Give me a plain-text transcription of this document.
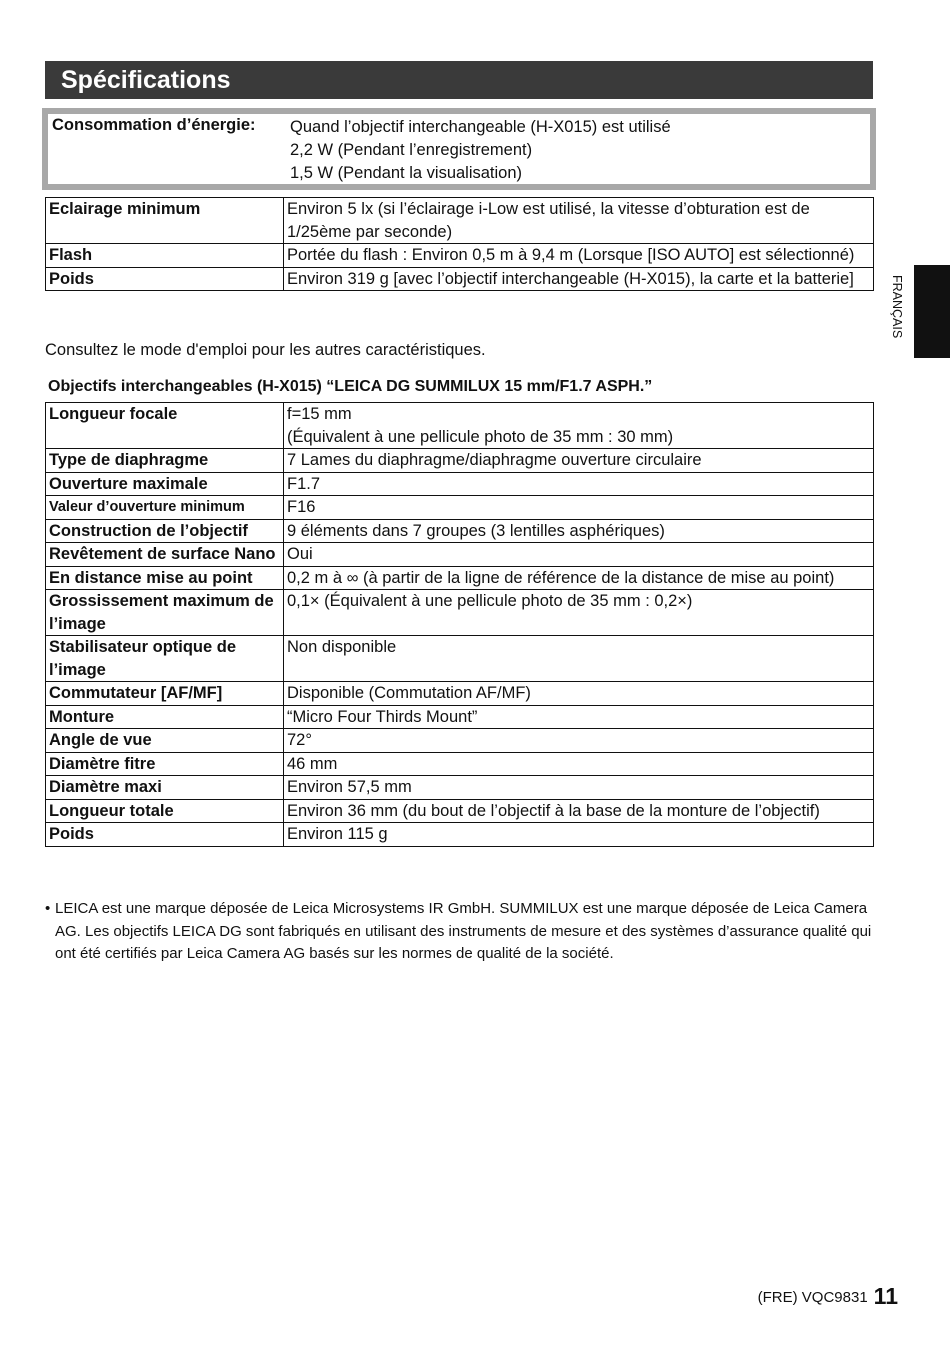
Spécifications
Consommation d’énergie: Quand l’objectif interchangeable (H-X015) est utilisé
2,2 W (Pendant l’enregistrement)
1,5 W (Pendant la visualisation)
Eclairage minimum	Environ 5 lx (si l’éclairage i-Low est utilisé, la vitesse d’obturation est de 1/25ème par seconde)
Flash	Portée du flash : Environ 0,5 m à 9,4 m (Lorsque [ISO AUTO] est sélectionné)
Poids	Environ 319 g [avec l’objectif interchangeable (H-X015), la carte et la batterie]
Consultez le mode d'emploi pour les autres caractéristiques.
Objectifs interchangeables (H-X015) “LEICA DG SUMMILUX 15 mm/F1.7 ASPH.”
Longueur focale	f=15 mm
(Équivalent à une pellicule photo de 35 mm : 30 mm)

Type de diaphragme	7 Lames du diaphragme/diaphragme ouverture circulaire
Ouverture maximale	F1.7
Valeur d’ouverture minimum	F16
Construction de l’objectif	9 éléments dans 7 groupes (3 lentilles asphériques)
Revêtement de surface Nano	Oui
En distance mise au point	0,2 m à ∞ (à partir de la ligne de référence de la distance de mise au point)
Grossissement maximum de l’image	0,1× (Équivalent à une pellicule photo de 35 mm : 0,2×)
Stabilisateur optique de l’image	Non disponible
Commutateur [AF/MF]	Disponible (Commutation AF/MF)
Monture	“Micro Four Thirds Mount”
Angle de vue	72°
Diamètre fitre	46 mm
Diamètre maxi	Environ 57,5 mm
Longueur totale	Environ 36 mm (du bout de l’objectif à la base de la monture de l’objectif)
Poids	Environ 115 g
• LEICA est une marque déposée de Leica Microsystems IR GmbH. SUMMILUX est une marque déposée de Leica Camera AG. Les objectifs LEICA DG sont fabriqués en utilisant des instruments de mesure et des systèmes d’assurance qualité qui ont été certifiés par Leica Camera AG basés sur les normes de qualité de la société.
FRANÇAIS
(FRE) VQC9831 11
